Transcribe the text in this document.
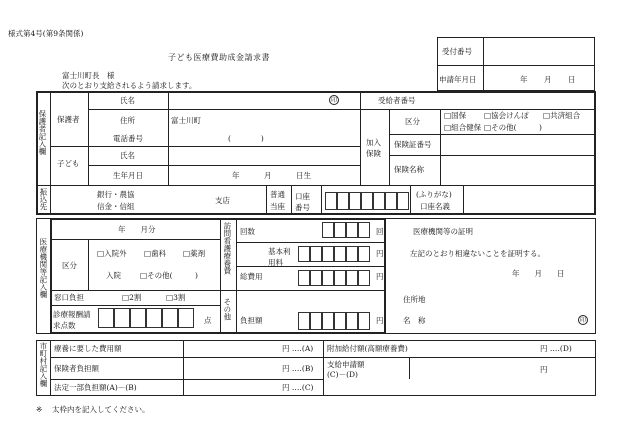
様式第4号(第9条関係)
子ども医療費助成金請求書
富士川町長　様
次のとおり支給されるよう請求します。
受付番号
申請年月日	年 月 日
保護者記入欄 保護者
氏名	印
住所	富士川町
電話番号	(　　　　)
子ども
氏名
生年月日	年	月	日生
受給者番号
加入保険
区分
□国保 □協会けんぽ □共済組合
□組合健保 □その他(　　　)
保険証番号
保険名称
振込先	銀行・農協
信金・信組
支店
普通
当座
口座番号
(ふりがな)
口座名義
医療機関等記入欄
年　　月分
区分
□入院外 □歯科 □薬剤
入院	□その他(　　　)
窓口負担	□2割	□3割
診療報酬請求点数	点
訪問看護療養費
その他
回数	回
基本利用料
円
総費用	円
負担額	円
医療機関等の証明
左記のとおり相違ないことを証明する。
年　　月　　日
住所地
名　称	印
市町村記入欄 療養に要した費用額	円 ‥‥(A)
保険者負担額	円 ‥‥(B)
法定一部負担額(A)－(B)	円 ‥‥(C)
附加給付額(高額療養費)	円 ‥‥(D)
支給申請額
(C)－(D)
円
※ 太枠内を記入してください。
